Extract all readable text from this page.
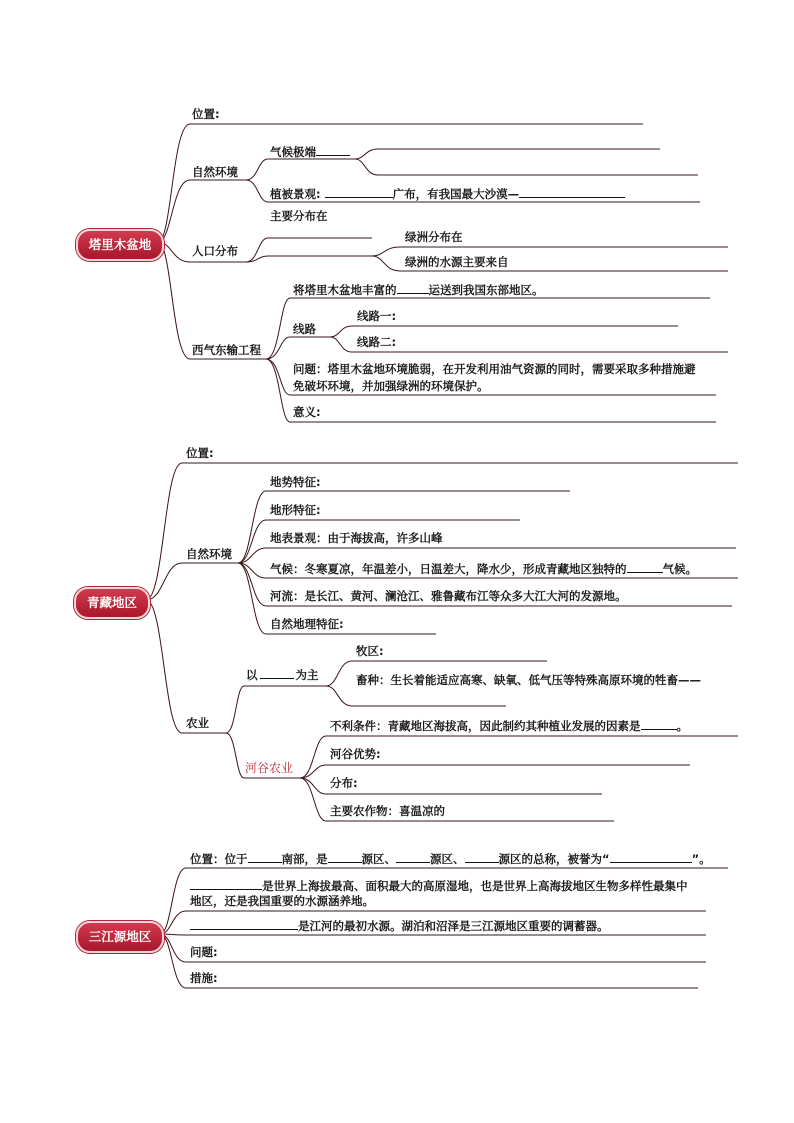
塔里木盆地
位置:
自然环境
气候极端
植被景观:	广布，有我国最大沙漠—
人口分布
主要分布在
绿洲分布在
绿洲的水源主要来自
西气东输工程
将塔里木盆地丰富的	运送到我国东部地区。
线路
线路一:
线路二:
问题：塔里木盆地环境脆弱，在开发利用油气资源的同时，需要采取多种措施避
免破坏环境，并加强绿洲的环境保护。
意义:
青藏地区
位置:
自然环境
地势特征:
地形特征:
地表景观：由于海拔高，许多山峰
气候：冬寒夏凉，年温差小，日温差大，降水少，形成青藏地区独特的	气候。
河流：是长江、黄河、澜沧江、雅鲁藏布江等众多大江大河的发源地。
自然地理特征:
农业
以	为主
牧区:
畜种：生长着能适应高寒、缺氧、低气压等特殊高原环境的牲畜——
河谷农业
不利条件：青藏地区海拔高，因此制约其种植业发展的因素是	。
河谷优势:
分布:
主要农作物：喜温凉的
三江源地区
位置：位于	南部，是	源区、	源区、	源区的总称，被誉为“	”。
是世界上海拔最高、面积最大的高原湿地，也是世界上高海拔地区生物多样性最集中
地区，还是我国重要的水源涵养地。
是江河的最初水源。湖泊和沼泽是三江源地区重要的调蓄器。
问题:
措施:
